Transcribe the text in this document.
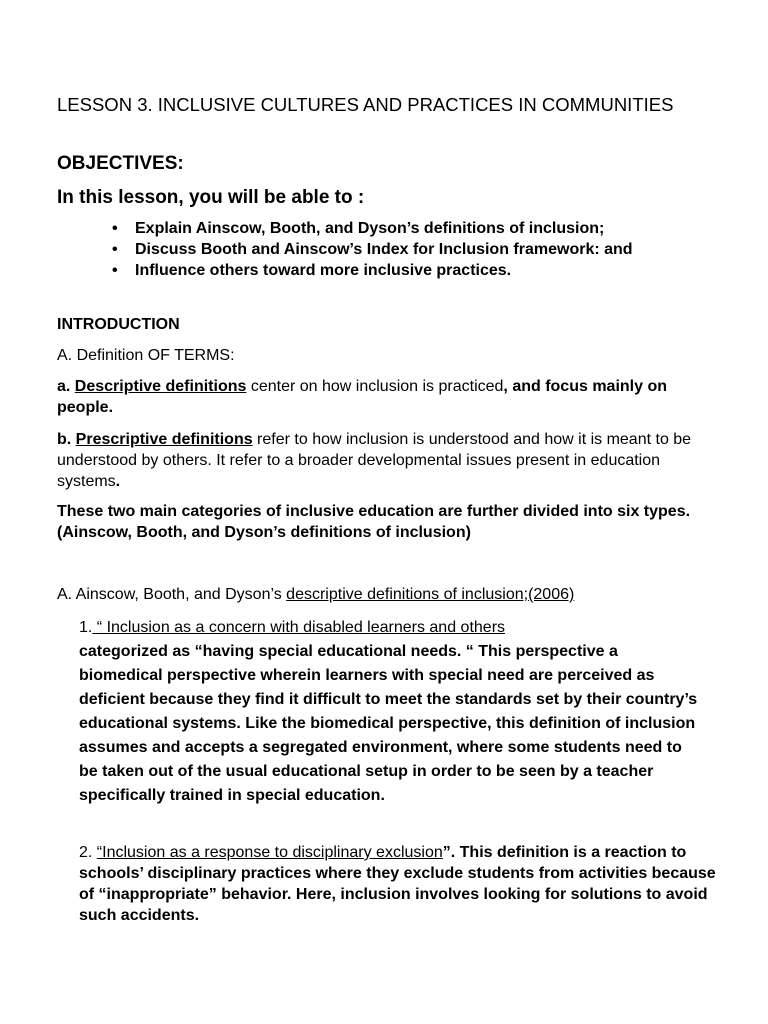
LESSON 3. INCLUSIVE CULTURES AND PRACTICES IN COMMUNITIES

OBJECTIVES:

In this lesson, you will be able to :

• Explain Ainscow, Booth, and Dyson’s definitions of inclusion;
• Discuss Booth and Ainscow’s Index for Inclusion framework: and
• Influence others toward more inclusive practices.

INTRODUCTION

A. Definition OF TERMS:

a. Descriptive definitions center on how inclusion is practiced, and focus mainly on people.

b. Prescriptive definitions refer to how inclusion is understood and how it is meant to be understood by others. It refer to a broader developmental issues present in education systems.

These two main categories of inclusive education are further divided into six types. (Ainscow, Booth, and Dyson’s definitions of inclusion)

A. Ainscow, Booth, and Dyson’s descriptive definitions of inclusion;(2006)

1. “ Inclusion as a concern with disabled learners and others
categorized as “having special educational needs. “ This perspective a biomedical perspective wherein learners with special need are perceived as deficient because they find it difficult to meet the standards set by their country’s educational systems. Like the biomedical perspective, this definition of inclusion assumes and accepts a segregated environment, where some students need to be taken out of the usual educational setup in order to be seen by a teacher specifically trained in special education.

2. “Inclusion as a response to disciplinary exclusion”. This definition is a reaction to schools’ disciplinary practices where they exclude students from activities because of “inappropriate” behavior. Here, inclusion involves looking for solutions to avoid such accidents.
